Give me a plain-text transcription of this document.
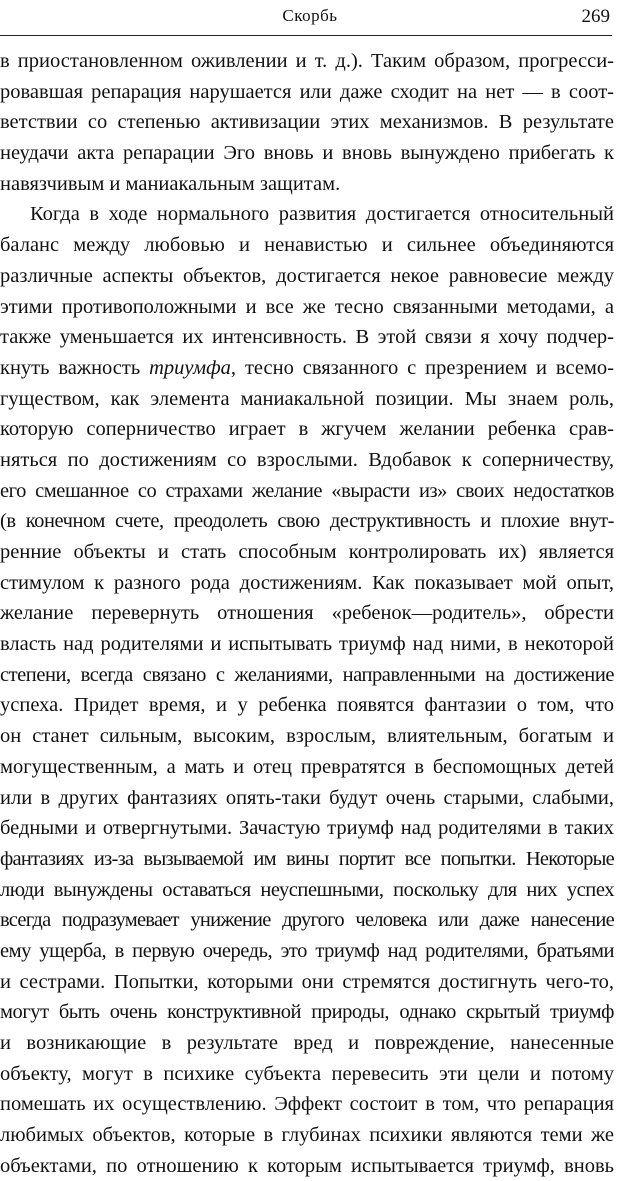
Скорбь	269
в приостановленном оживлении и т. д.). Таким образом, прогресси-
ровавшая репарация нарушается или даже сходит на нет — в соот-
ветствии со степенью активизации этих механизмов. В результате
неудачи акта репарации Эго вновь и вновь вынуждено прибегать к
навязчивым и маниакальным защитам.
Когда в ходе нормального развития достигается относительный
баланс между любовью и ненавистью и сильнее объединяются
различные аспекты объектов, достигается некое равновесие между
этими противоположными и все же тесно связанными методами, а
также уменьшается их интенсивность. В этой связи я хочу подчер-
кнуть важность триумфа, тесно связанного с презрением и всемо-
гуществом, как элемента маниакальной позиции. Мы знаем роль,
которую соперничество играет в жгучем желании ребенка срав-
няться по достижениям со взрослыми. Вдобавок к соперничеству,
его смешанное со страхами желание «вырасти из» своих недостатков
(в конечном счете, преодолеть свою деструктивность и плохие внут-
ренние объекты и стать способным контролировать их) является
стимулом к разного рода достижениям. Как показывает мой опыт,
желание перевернуть отношения «ребенок—родитель», обрести
власть над родителями и испытывать триумф над ними, в некоторой
степени, всегда связано с желаниями, направленными на достижение
успеха. Придет время, и у ребенка появятся фантазии о том, что
он станет сильным, высоким, взрослым, влиятельным, богатым и
могущественным, а мать и отец превратятся в беспомощных детей
или в других фантазиях опять-таки будут очень старыми, слабыми,
бедными и отвергнутыми. Зачастую триумф над родителями в таких
фантазиях из-за вызываемой им вины портит все попытки. Некоторые
люди вынуждены оставаться неуспешными, поскольку для них успех
всегда подразумевает унижение другого человека или даже нанесение
ему ущерба, в первую очередь, это триумф над родителями, братьями
и сестрами. Попытки, которыми они стремятся достигнуть чего-то,
могут быть очень конструктивной природы, однако скрытый триумф
и возникающие в результате вред и повреждение, нанесенные
объекту, могут в психике субъекта перевесить эти цели и потому
помешать их осуществлению. Эффект состоит в том, что репарация
любимых объектов, которые в глубинах психики являются теми же
объектами, по отношению к которым испытывается триумф, вновь
